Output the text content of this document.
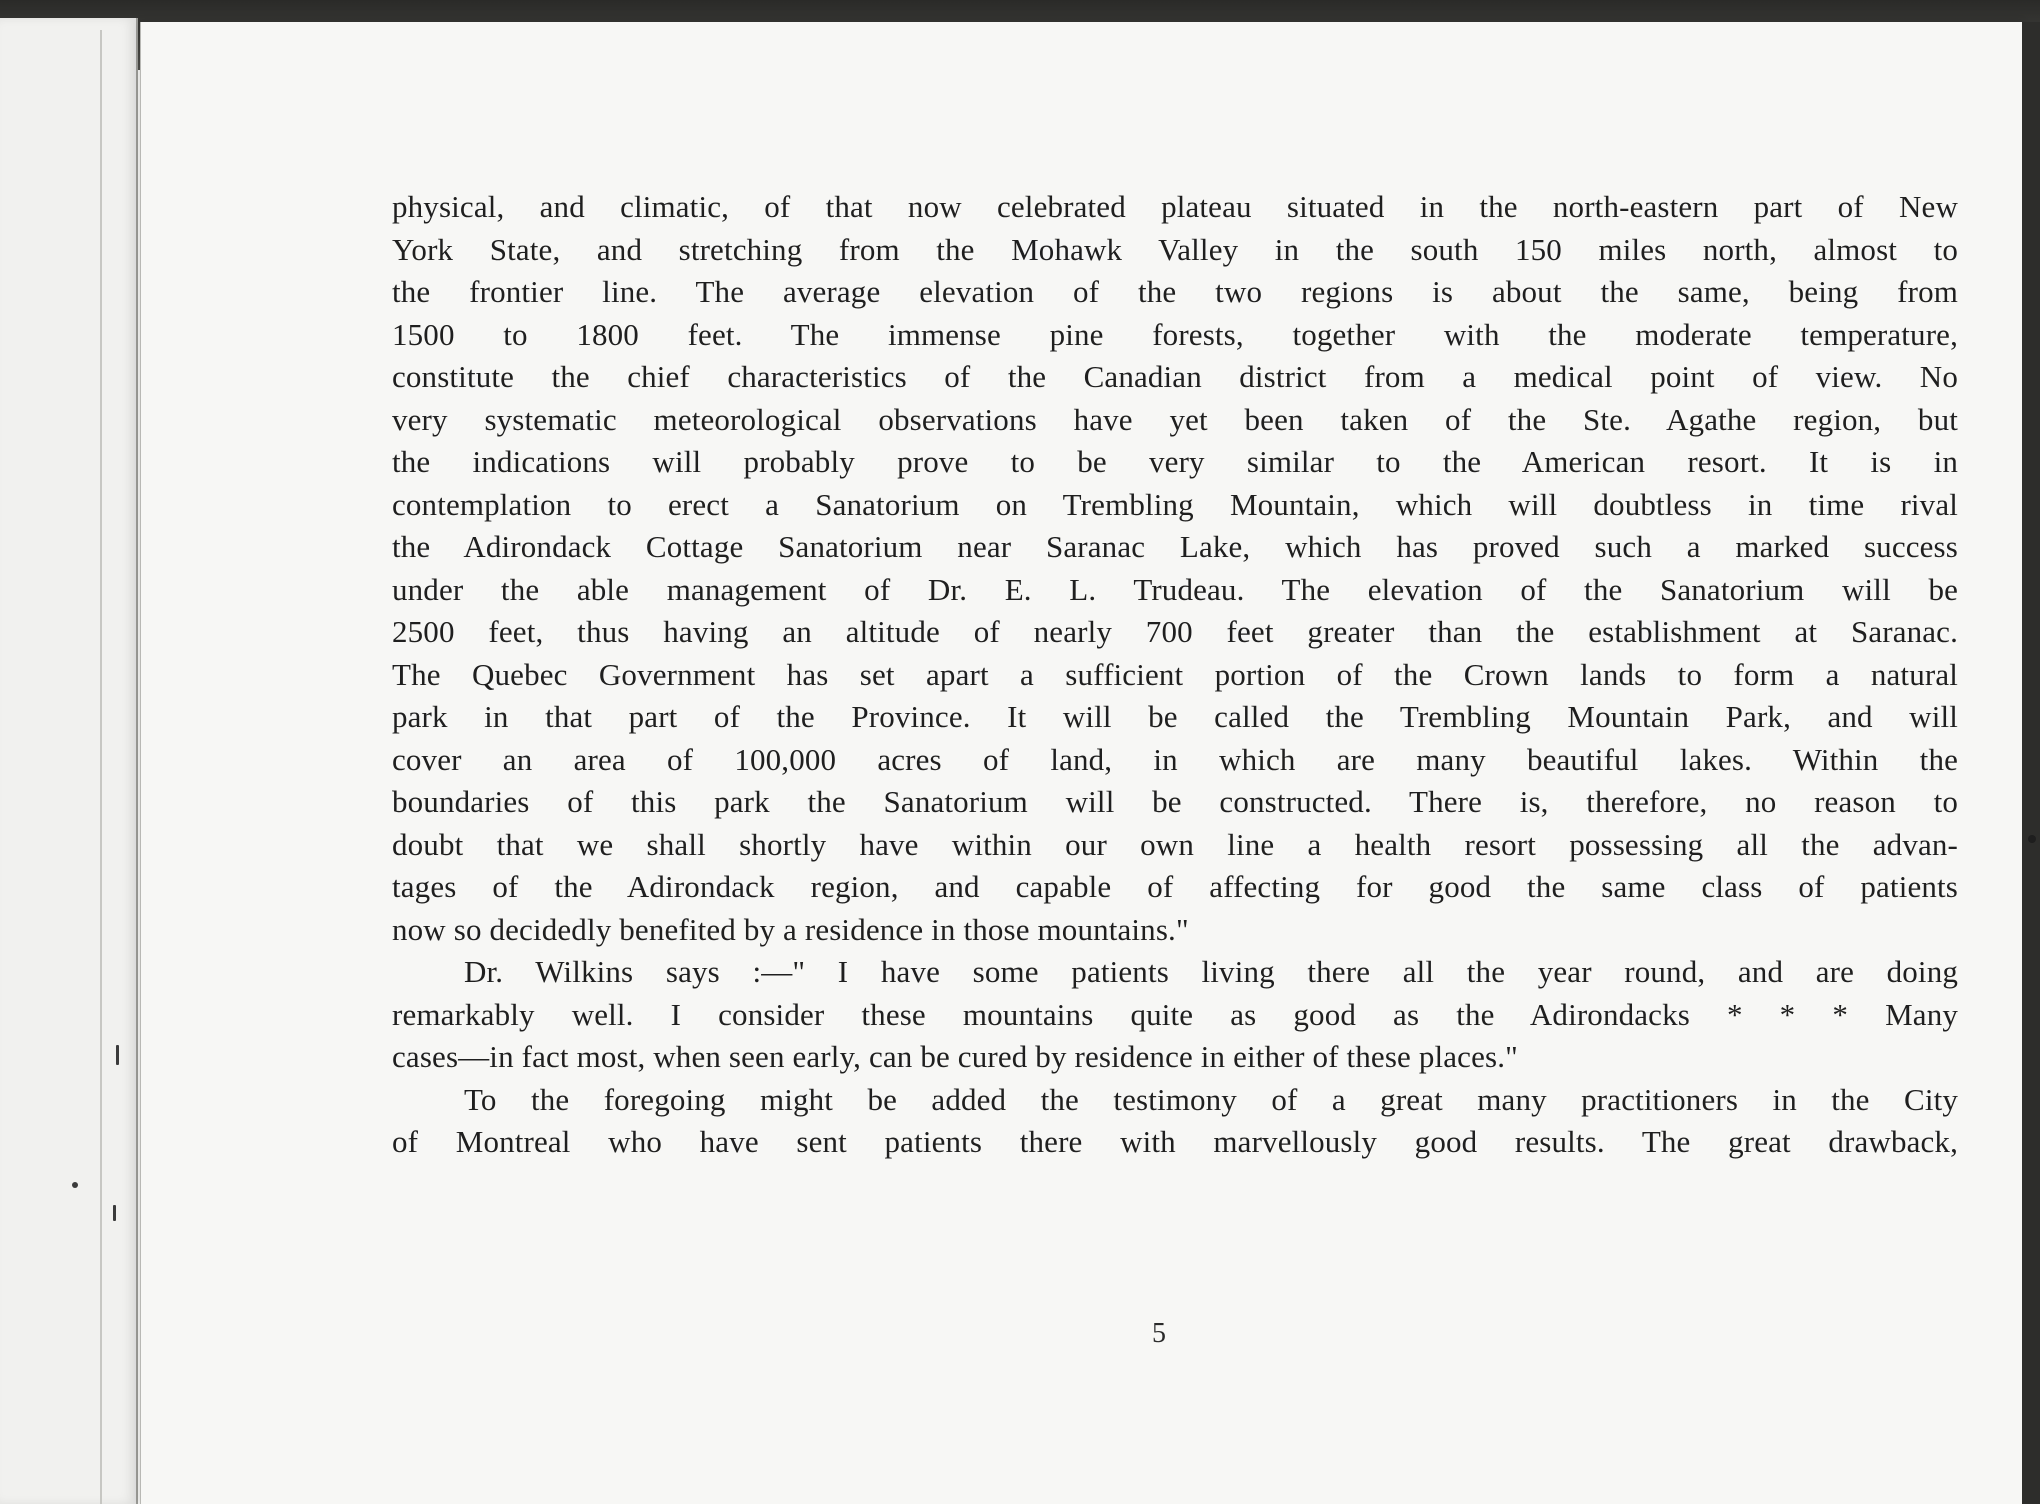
physical, and climatic, of that now celebrated plateau situated in the north-eastern part of New
York State, and stretching from the Mohawk Valley in the south 150 miles north, almost to
the frontier line. The average elevation of the two regions is about the same, being from
1500 to 1800 feet. The immense pine forests, together with the moderate temperature,
constitute the chief characteristics of the Canadian district from a medical point of view. No
very systematic meteorological observations have yet been taken of the Ste. Agathe region, but
the indications will probably prove to be very similar to the American resort. It is in
contemplation to erect a Sanatorium on Trembling Mountain, which will doubtless in time rival
the Adirondack Cottage Sanatorium near Saranac Lake, which has proved such a marked success
under the able management of Dr. E. L. Trudeau. The elevation of the Sanatorium will be
2500 feet, thus having an altitude of nearly 700 feet greater than the establishment at Saranac.
The Quebec Government has set apart a sufficient portion of the Crown lands to form a natural
park in that part of the Province. It will be called the Trembling Mountain Park, and will
cover an area of 100,000 acres of land, in which are many beautiful lakes. Within the
boundaries of this park the Sanatorium will be constructed. There is, therefore, no reason to
doubt that we shall shortly have within our own line a health resort possessing all the advan-
tages of the Adirondack region, and capable of affecting for good the same class of patients
now so decidedly benefited by a residence in those mountains."
Dr. Wilkins says :—" I have some patients living there all the year round, and are doing
remarkably well. I consider these mountains quite as good as the Adirondacks * * * Many
cases—in fact most, when seen early, can be cured by residence in either of these places."
To the foregoing might be added the testimony of a great many practitioners in the City
of Montreal who have sent patients there with marvellously good results. The great drawback,
5
